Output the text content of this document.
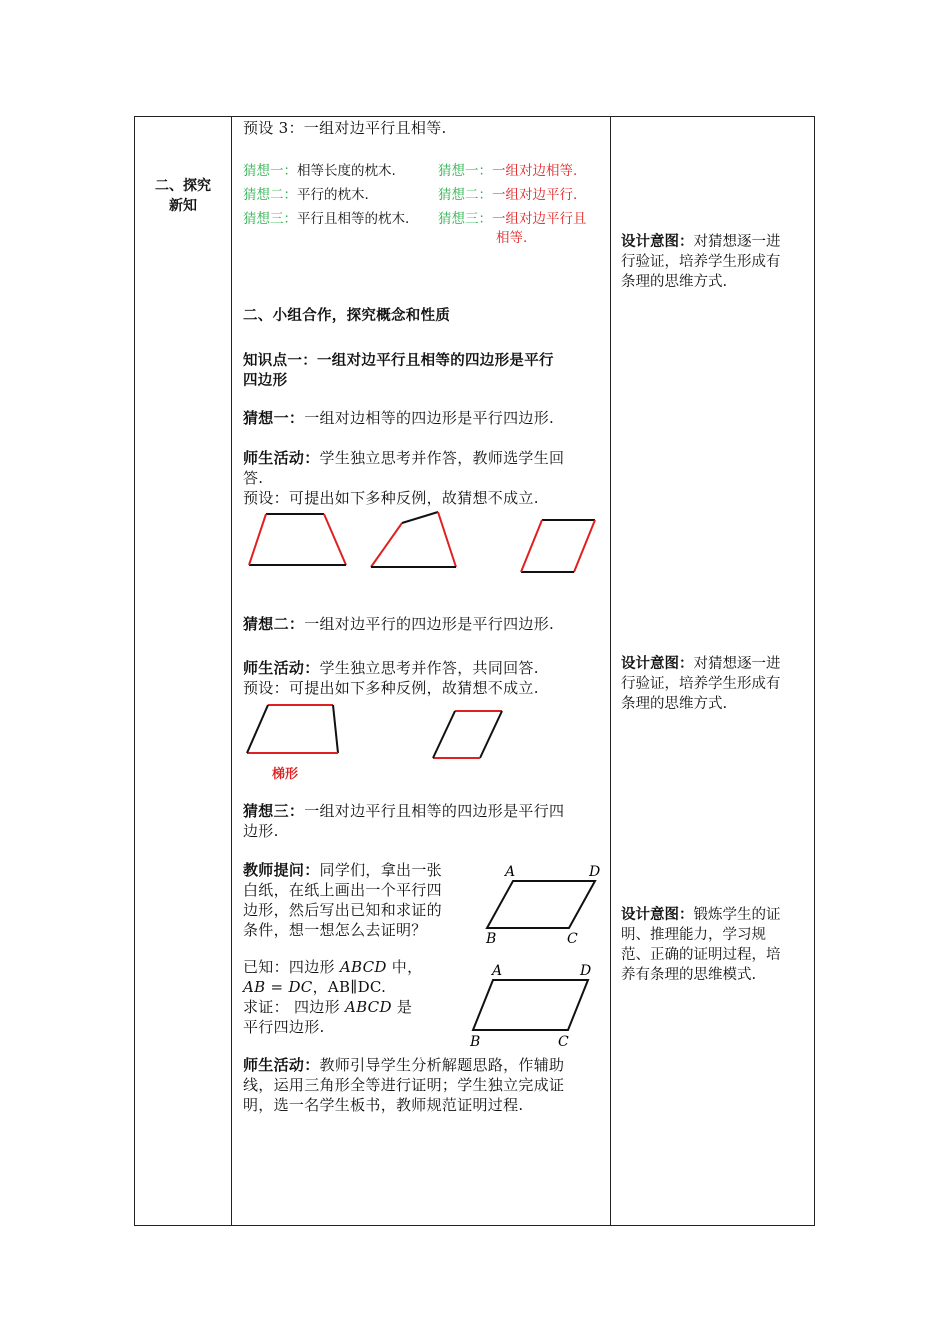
二、探究
新知
预设 3：一组对边平行且相等.
猜想一：相等长度的枕木.
猜想二：平行的枕木.
猜想三：平行且相等的枕木.
猜想一：一组对边相等.
猜想二：一组对边平行.
猜想三：一组对边平行且
相等.
二、小组合作，探究概念和性质
知识点一：一组对边平行且相等的四边形是平行
四边形
猜想一：一组对边相等的四边形是平行四边形.
师生活动：学生独立思考并作答，教师选学生回
答.
预设：可提出如下多种反例，故猜想不成立.
A	D
B	C
A	D
B	C
猜想二：一组对边平行的四边形是平行四边形.
师生活动：学生独立思考并作答，共同回答.
预设：可提出如下多种反例，故猜想不成立.
梯形
猜想三：一组对边平行且相等的四边形是平行四
边形.
教师提问：同学们，拿出一张
白纸，在纸上画出一个平行四
边形，然后写出已知和求证的
条件，想一想怎么去证明？
已知：四边形 ABCD 中，
AB = DC，AB∥DC.
求证： 四边形 ABCD 是
平行四边形.
师生活动：教师引导学生分析解题思路，作辅助
线，运用三角形全等进行证明；学生独立完成证
明，选一名学生板书，教师规范证明过程.
设计意图：对猜想逐一进
行验证，培养学生形成有
条理的思维方式.
设计意图：对猜想逐一进
行验证，培养学生形成有
条理的思维方式.
设计意图：锻炼学生的证
明、推理能力，学习规
范、正确的证明过程，培
养有条理的思维模式.
